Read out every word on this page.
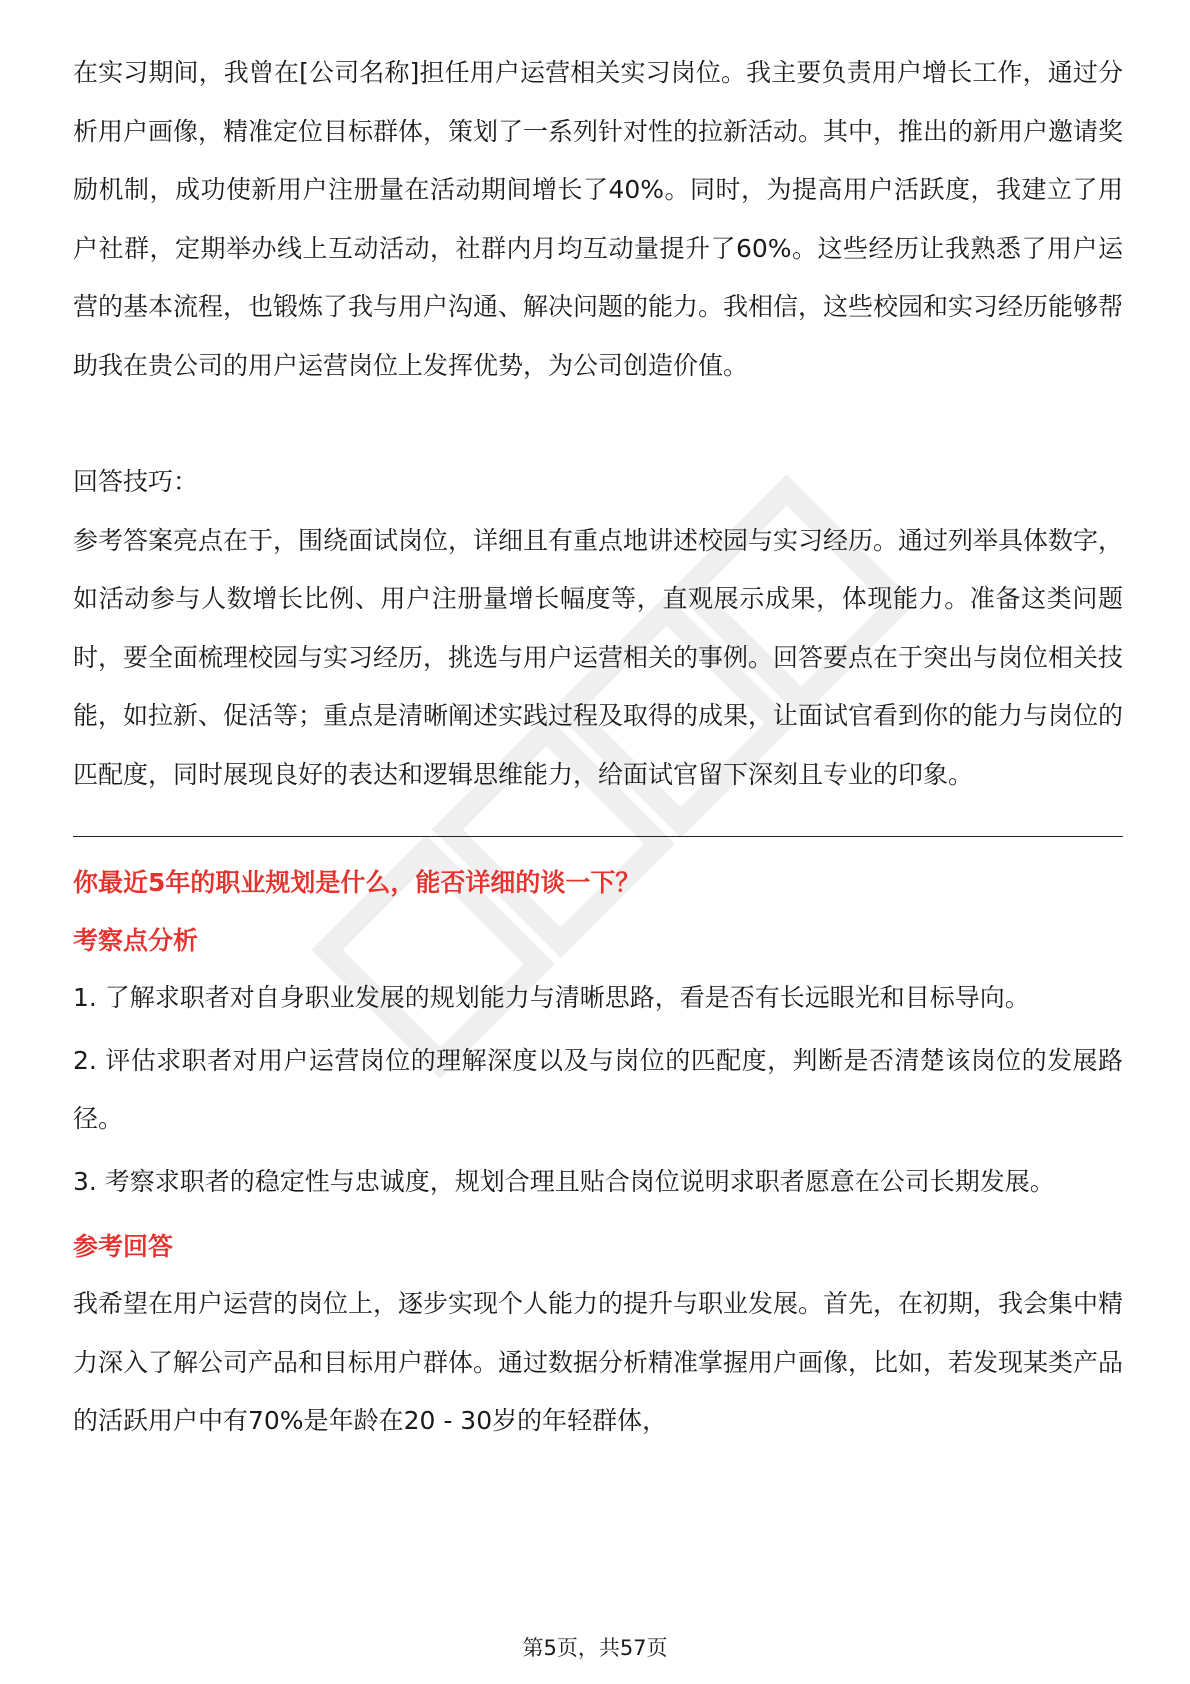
在实习期间，我曾在[公司名称]担任用户运营相关实习岗位。我主要负责用户增长工作，通过分析用户画像，精准定位目标群体，策划了一系列针对性的拉新活动。其中，推出的新用户邀请奖励机制，成功使新用户注册量在活动期间增长了40%。同时，为提高用户活跃度，我建立了用户社群，定期举办线上互动活动，社群内月均互动量提升了60%。这些经历让我熟悉了用户运营的基本流程，也锻炼了我与用户沟通、解决问题的能力。我相信，这些校园和实习经历能够帮助我在贵公司的用户运营岗位上发挥优势，为公司创造价值。

回答技巧：

参考答案亮点在于，围绕面试岗位，详细且有重点地讲述校园与实习经历。通过列举具体数字，如活动参与人数增长比例、用户注册量增长幅度等，直观展示成果，体现能力。准备这类问题时，要全面梳理校园与实习经历，挑选与用户运营相关的事例。回答要点在于突出与岗位相关技能，如拉新、促活等；重点是清晰阐述实践过程及取得的成果，让面试官看到你的能力与岗位的匹配度，同时展现良好的表达和逻辑思维能力，给面试官留下深刻且专业的印象。

你最近5年的职业规划是什么，能否详细的谈一下？

考察点分析

1. 了解求职者对自身职业发展的规划能力与清晰思路，看是否有长远眼光和目标导向。

2. 评估求职者对用户运营岗位的理解深度以及与岗位的匹配度，判断是否清楚该岗位的发展路径。

3. 考察求职者的稳定性与忠诚度，规划合理且贴合岗位说明求职者愿意在公司长期发展。

参考回答

我希望在用户运营的岗位上，逐步实现个人能力的提升与职业发展。首先，在初期，我会集中精力深入了解公司产品和目标用户群体。通过数据分析精准掌握用户画像，比如，若发现某类产品的活跃用户中有70%是年龄在20 - 30岁的年轻群体，

第5页，共57页
